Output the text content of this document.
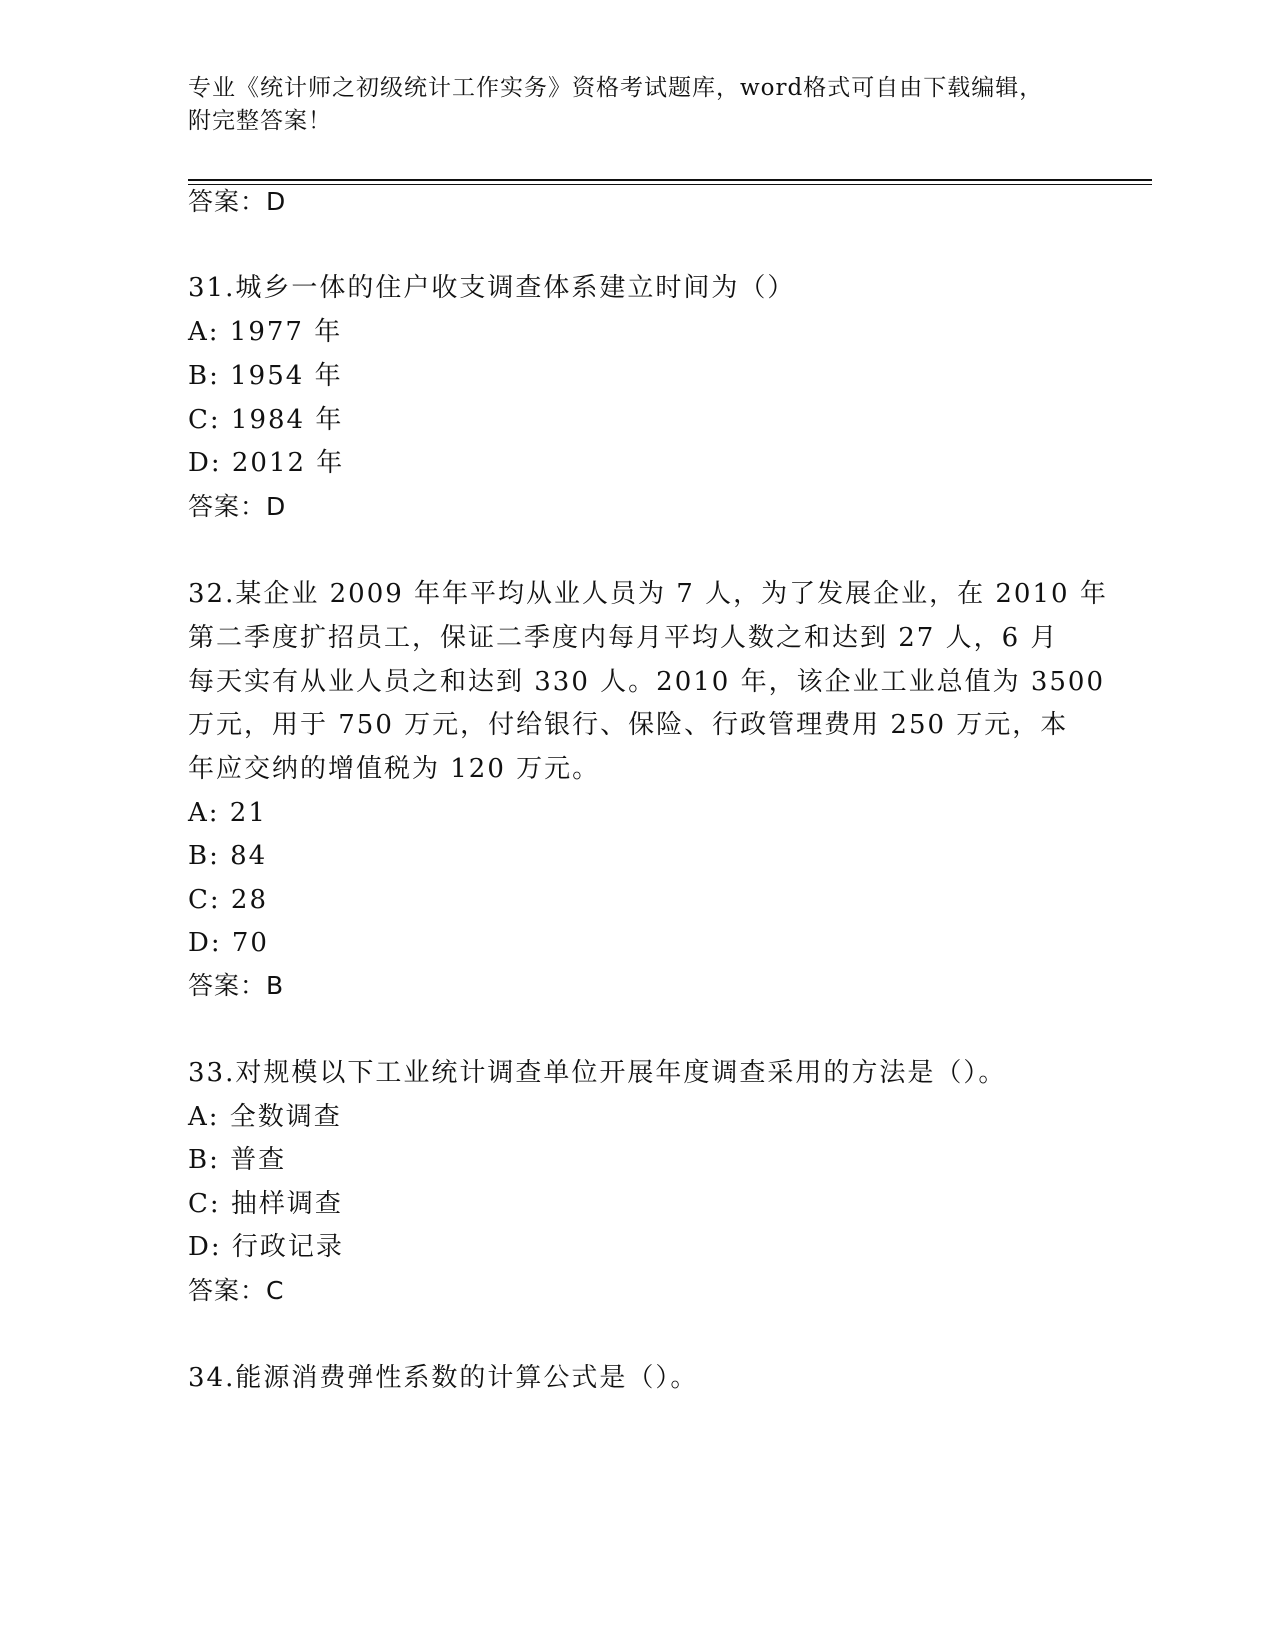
专业《统计师之初级统计工作实务》资格考试题库，word格式可自由下载编辑，
附完整答案！
答案：D
31.城乡一体的住户收支调查体系建立时间为（）
A: 1977 年
B: 1954 年
C: 1984 年
D: 2012 年
答案：D
32.某企业 2009 年年平均从业人员为 7 人，为了发展企业，在 2010 年
第二季度扩招员工，保证二季度内每月平均人数之和达到 27 人，6 月
每天实有从业人员之和达到 330 人。2010 年，该企业工业总值为 3500
万元，用于 750 万元，付给银行、保险、行政管理费用 250 万元，本
年应交纳的增值税为 120 万元。
A: 21
B: 84
C: 28
D: 70
答案：B
33.对规模以下工业统计调查单位开展年度调查采用的方法是（）。
A: 全数调查
B: 普查
C: 抽样调查
D: 行政记录
答案：C
34.能源消费弹性系数的计算公式是（）。
